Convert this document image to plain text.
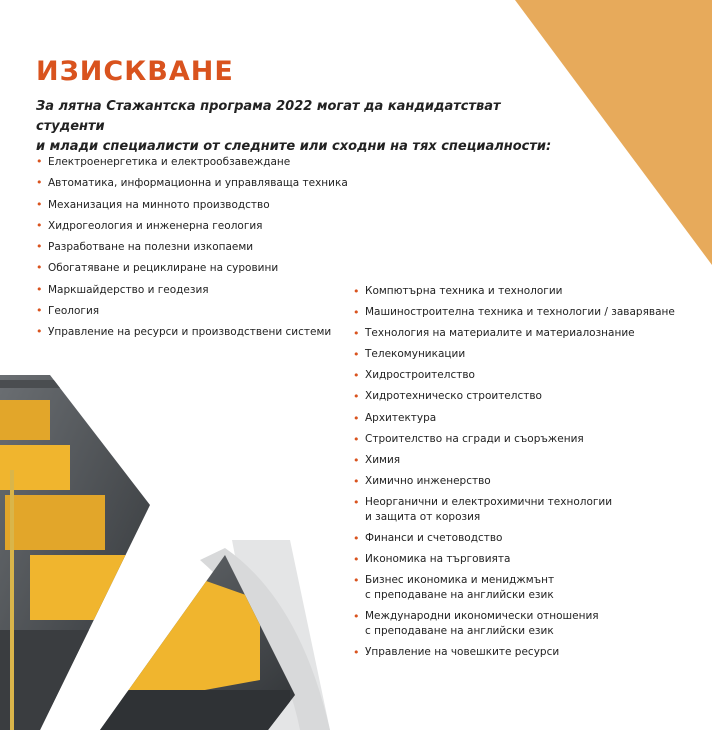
ИЗИСКВАНЕ

За лятна Стажантска програма 2022 могат да кандидатстват студенти
и млади специалисти от следните или сходни на тях специалности:

• Електроенергетика и електрообзавеждане
• Автоматика, информационна и управляваща техника
• Механизация на минното производство
• Хидрогеология и инженерна геология
• Разработване на полезни изкопаеми
• Обогатяване и рециклиране на суровини
• Маркшайдерство и геодезия
• Геология
• Управление на ресурси и производствени системи
• Компютърна техника и технологии
• Машиностроителна техника и технологии / заваряване
• Технология на материалите и материалознание
• Телекомуникации
• Хидростроителство
• Хидротехническо строителство
• Архитектура
• Строителство на сгради и съоръжения
• Химия
• Химично инженерство
• Неорганични и електрохимични технологии
и защита от корозия
• Финанси и счетоводство
• Икономика на търговията
• Бизнес икономика и мениджмънт
с преподаване на английски език
• Международни икономически отношения
с преподаване на английски език
• Управление на човешките ресурси
